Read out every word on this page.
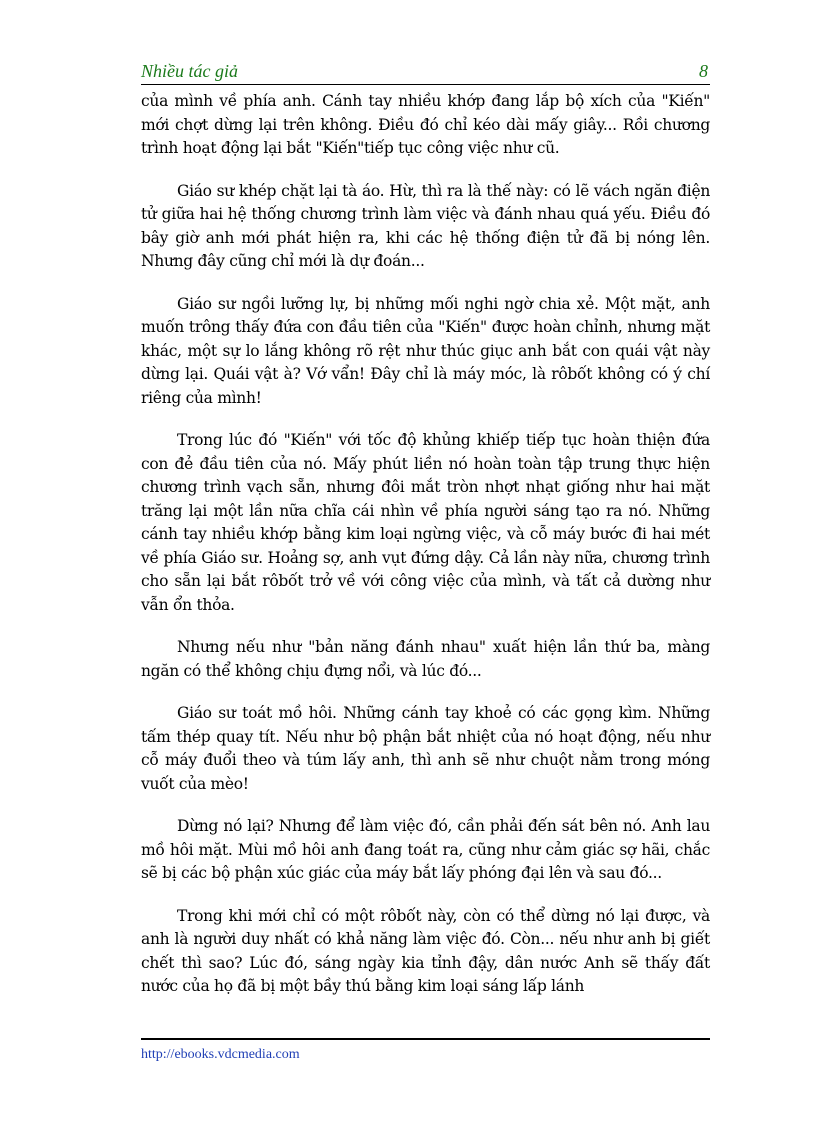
Nhiều tác giả	8

của mình về phía anh. Cánh tay nhiều khớp đang lắp bộ xích của "Kiến" mới chợt dừng lại trên không. Điều đó chỉ kéo dài mấy giây... Rồi chương trình hoạt động lại bắt "Kiến"tiếp tục công việc như cũ.

Giáo sư khép chặt lại tà áo. Hừ, thì ra là thế này: có lẽ vách ngăn điện tử giữa hai hệ thống chương trình làm việc và đánh nhau quá yếu. Điều đó bây giờ anh mới phát hiện ra, khi các hệ thống điện tử đã bị nóng lên. Nhưng đây cũng chỉ mới là dự đoán...

Giáo sư ngồi lưỡng lự, bị những mối nghi ngờ chia xẻ. Một mặt, anh muốn trông thấy đứa con đầu tiên của "Kiến" được hoàn chỉnh, nhưng mặt khác, một sự lo lắng không rõ rệt như thúc giục anh bắt con quái vật này dừng lại. Quái vật à? Vớ vẩn! Đây chỉ là máy móc, là rôbốt không có ý chí riêng của mình!

Trong lúc đó "Kiến" với tốc độ khủng khiếp tiếp tục hoàn thiện đứa con đẻ đầu tiên của nó. Mấy phút liền nó hoàn toàn tập trung thực hiện chương trình vạch sẵn, nhưng đôi mắt tròn nhợt nhạt giống như hai mặt trăng lại một lần nữa chĩa cái nhìn về phía người sáng tạo ra nó. Những cánh tay nhiều khớp bằng kim loại ngừng việc, và cỗ máy bước đi hai mét về phía Giáo sư. Hoảng sợ, anh vụt đứng dậy. Cả lần này nữa, chương trình cho sẵn lại bắt rôbốt trở về với công việc của mình, và tất cả dường như vẫn ổn thỏa.

Nhưng nếu như "bản năng đánh nhau" xuất hiện lần thứ ba, màng ngăn có thể không chịu đựng nổi, và lúc đó...

Giáo sư toát mồ hôi. Những cánh tay khoẻ có các gọng kìm. Những tấm thép quay tít. Nếu như bộ phận bắt nhiệt của nó hoạt động, nếu như cỗ máy đuổi theo và túm lấy anh, thì anh sẽ như chuột nằm trong móng vuốt của mèo!

Dừng nó lại? Nhưng để làm việc đó, cần phải đến sát bên nó. Anh lau mồ hôi mặt. Mùi mồ hôi anh đang toát ra, cũng như cảm giác sợ hãi, chắc sẽ bị các bộ phận xúc giác của máy bắt lấy phóng đại lên và sau đó...

Trong khi mới chỉ có một rôbốt này, còn có thể dừng nó lại được, và anh là người duy nhất có khả năng làm việc đó. Còn... nếu như anh bị giết chết thì sao? Lúc đó, sáng ngày kia tỉnh đậy, dân nước Anh sẽ thấy đất nước của họ đã bị một bầy thú bằng kim loại sáng lấp lánh

http://ebooks.vdcmedia.com
